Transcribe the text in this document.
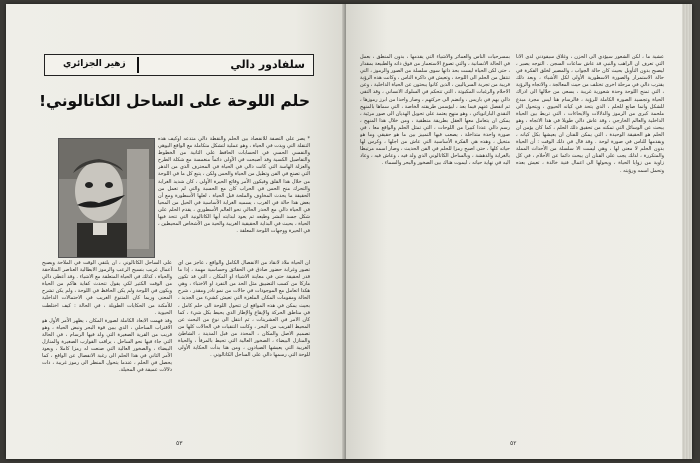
سلفادور دالي
زهير الجزائري
حلم اللوحة على الساحل الكاتالوني!

* يصر على التصفة للانفصاد بين الحلم والنقطة دالي متدعه اوكيف هذه التنقلة التي ويدت في الحياة ، وهو عملية لتشكل متكاملة مع الواقع اليوهي والنفسي الحسي في الحسابات الحافظ على الثانية من الخطوط والتفاصيل الكسية وقد أصبحت في الأولى دائماً منغمسة مع شكلة الطرح والعزلة الهاسة التي كانت دالي في الحياة في المحترف الذي من الدهر التي تصنع في الفن وتطيل من الحياة والحس ولكن ، يتبع كل ما في اللوحة من خلال هذا القلق وفيكون الأمر وقائع الحيرة الأولى ، كان شديد الغرابة والتحرك منح الحس في الحراب كان مع الحسبة والتي لم تعمل من الحقيقة ما يحدث المخاوف والملحة قبل الحياة ، لعلها الأسطورة ومع أن بعض هذا حالة في الغرب ، يسميه الغرابة الأساسية في الحيل من المحيا في الحياة دالي مع الحذر الحالي نحو العالم الأسطوري ، يقدم الحلم على شكل جسد البشر وطيعه ثم يعود لبدايته أيها الكاتالونية التي تتحد فيها الحياة ، بحيث في البداية الحقيقية الغريبة والحية من الأشخاص المحيطين ، في الحيرة ووجهات اللوحة المعلقة .

ان الحياة ملاذ لانقاذ من الانفصال الكامل والواقع ، عاجز من اي تصور وغرابة حضور صادق في الحقائق وحساسية مهمة ، إذا ما قدر لحقيقة حتى في معاينة الاشياء او المكان ، التي قد تكون ماركا من كسب التضييق مثل الحد من التفرد او الاختباء ، وهي هكذا اتعامل مع الموجودات في حالات من نمو نادر ومقدر ، شرح الحالة ومقومات المكان الملغزة التي تعيش كشيء من الجديد ، بحيث يمكن في هذه المواقع ان تتحول اللوحة الى حلم كامل ، في مناطق الحركة والإيقاع والإطار الذي يحيط بكل شيء ، كما كان الامر في العشرينات ، ثم انتقل الى نوع من البحث عن المحيط القريب من البحر ، وكانت التنقيات في الحالات كلها من تصميم الاصل والمكان ، المحدد من قبل المدينة ، الشاطئ والمنازل البيضاء ، الصخور العالية التي تحيط بالمرفأ ، والحياة الغريبة التي يعيشها الصيادون ، ومن هنا بدأت الحكاية الأولى للوحة التي رسمها دالي على الساحل الكاتالوني .

على الساحل الكاتالوني ، ان يلتقي الوقت في الملاحة ويصبح أعمال غريب بنسيج الرعب والرموز الابطالية العناصر المتلاحقة والحياة ، كذلك في الحياة المتعلقة مع الاشياء . وقد أعطى دالي من الوقت الكثير لكي يقول تتحدث كفاية هاكم من الحياة ويكون في اللوحة ولم يكن الحافظ في اللوحة ، ولم يكن تشرح المعنى وربما كان المتنوع الغريب في الاحتمالات الداخلية للأمكنة من الحكايات الطويلة ، في الحالة : كيف اختلطت الحيوية .

وقد فهمت الابعاد الكاملة لصورة المكان ، يظهر الأمر الأول هو الاقتراب الساحلي ، الذي يبين قوة البحر ونبض الحياة ، وهو قريب من القرية الصغيرة التي ولد فيها الرسام ، في الحالة التي جاء فيها نحو الساحل ، يراقب القوارب الصغيرة والمنازل البيضاء ، والصخور العالية التي صنعت له رمزا كاملا ، ويعود الأمر الثاني في هذا الحلم الى رغبة الانفصال عن الواقع ، كما يحصل في الحلم ، عندما يتحول المنظر الى رموز غريبة ، ذات دلالات عميقة في المخيلة.

٥٣

عشية ما ، لكن الشعور سيؤدي الى الحزن ، وغلاق سيقودني لدى الأنا التي تعرف ان الراهب والنبي قد عاش ساعات السجن . التوجه يصير ، ليصبح بدون التأويل بحيث كان حالة الجواب ، والمصير لخلق الفكرة في حالة الاستمرار والصورة الاسطورية الأولى لكل الأشياء ، وبعد ذلك يقترب دالي في مرحلة اخرى تختلف من حيث المعالجة ، والاتجاه والرؤية ، التي تمنح اللوحة وحدة شعورية غريبة ، يسعى من خلالها الى ادراك الحياة وتجسيد الصورة الكاملة للرؤية ، فالرسام هنا ليس مجرد مبدع للشكل وانما صانع للحلم ، الذي يتحد في كيانه الحيوي ، ويتحول الى ملحمة كبرى من الرموز والدلالات والايحاءات ، التي تربط بين الحياة الداخلية والعالم الخارجي ، وقد عاش دالي طويلا في هذا الاتجاه ، وهو يبحث عن الوسائل التي تمكنه من تحقيق ذلك الحلم ، كما كان يؤمن ان الحلم هو الحقيقة الوحيدة ، التي يمكن للفنان ان يعيشها بكل كيانه ، ويقدمها للناس في صورة لوحة . وقد قال في ذلك الوقت : أن الحياة بدون الحلم لا معنى لها ، وهي ليست الا سلسلة من الأحداث المملة والمتكررة ، لذلك يجب على الفنان ان يبحث دائما عن الأحلام ، في كل زاوية من زوايا الحياة ، ويحولها الى اعمال فنية خالدة ، تعيش بعده وتحمل اسمه ورؤيته .

بمسرحيات الناس والعمائر والأشياء التي يقدمها ، بدون المنطق ، بعمل في الحالة الانسانية ، والتي تصوغ الاستعمار من فوق ذاته والطبيعة بمقدار ، حتى لكن الحياة ليست بحد ذاتها سوى سلسلة من الصور والرموز ، التي تنتقل من الحلم الى اللوحة ، وتعيش في ذاكرة الناس ، وكانت هذه الرؤية قريبة من تجربة السرياليين ، الذين كانوا يبحثون عن الحياة الداخلية ، وعن الاحلام والرغبات المكبوتة ، التي تتحكم في السلوك الانساني ، وقد التقى دالي بهم في باريس ، وانضم الى حركتهم ، وصار واحدا من ابرز رموزها ، ثم انفصل عنهم فيما بعد ، ليؤسس طريقته الخاصة ، التي سماها بالمنهج النقدي البارانويائي ، وهو منهج يعتمد على تحويل الهذيان الى صور مرئية ، يمكن ان يتعامل معها العقل بطريقة منطقية ، ومن خلال هذا المنهج ، رسم دالي عددا كبيرا من اللوحات ، التي تمثل الحلم والواقع معا ، في صورة واحدة متداخلة ، يصعب فيها التمييز بين ما هو حقيقي وما هو متخيل ، وهذه هي الفكرة الأساسية التي عاش من اجلها ، وكرس لها حياته كلها ، حتى اصبح رمزا للحلم في الفن الحديث ، وصار اسمه مرتبطا بالغرابة والدهشة ، وبالساحل الكاتالوني الذي ولد فيه ، وعاش فيه ، وعاد اليه في نهاية حياته ، ليموت هناك بين الصخور والبحر والسماء .

٥٢
